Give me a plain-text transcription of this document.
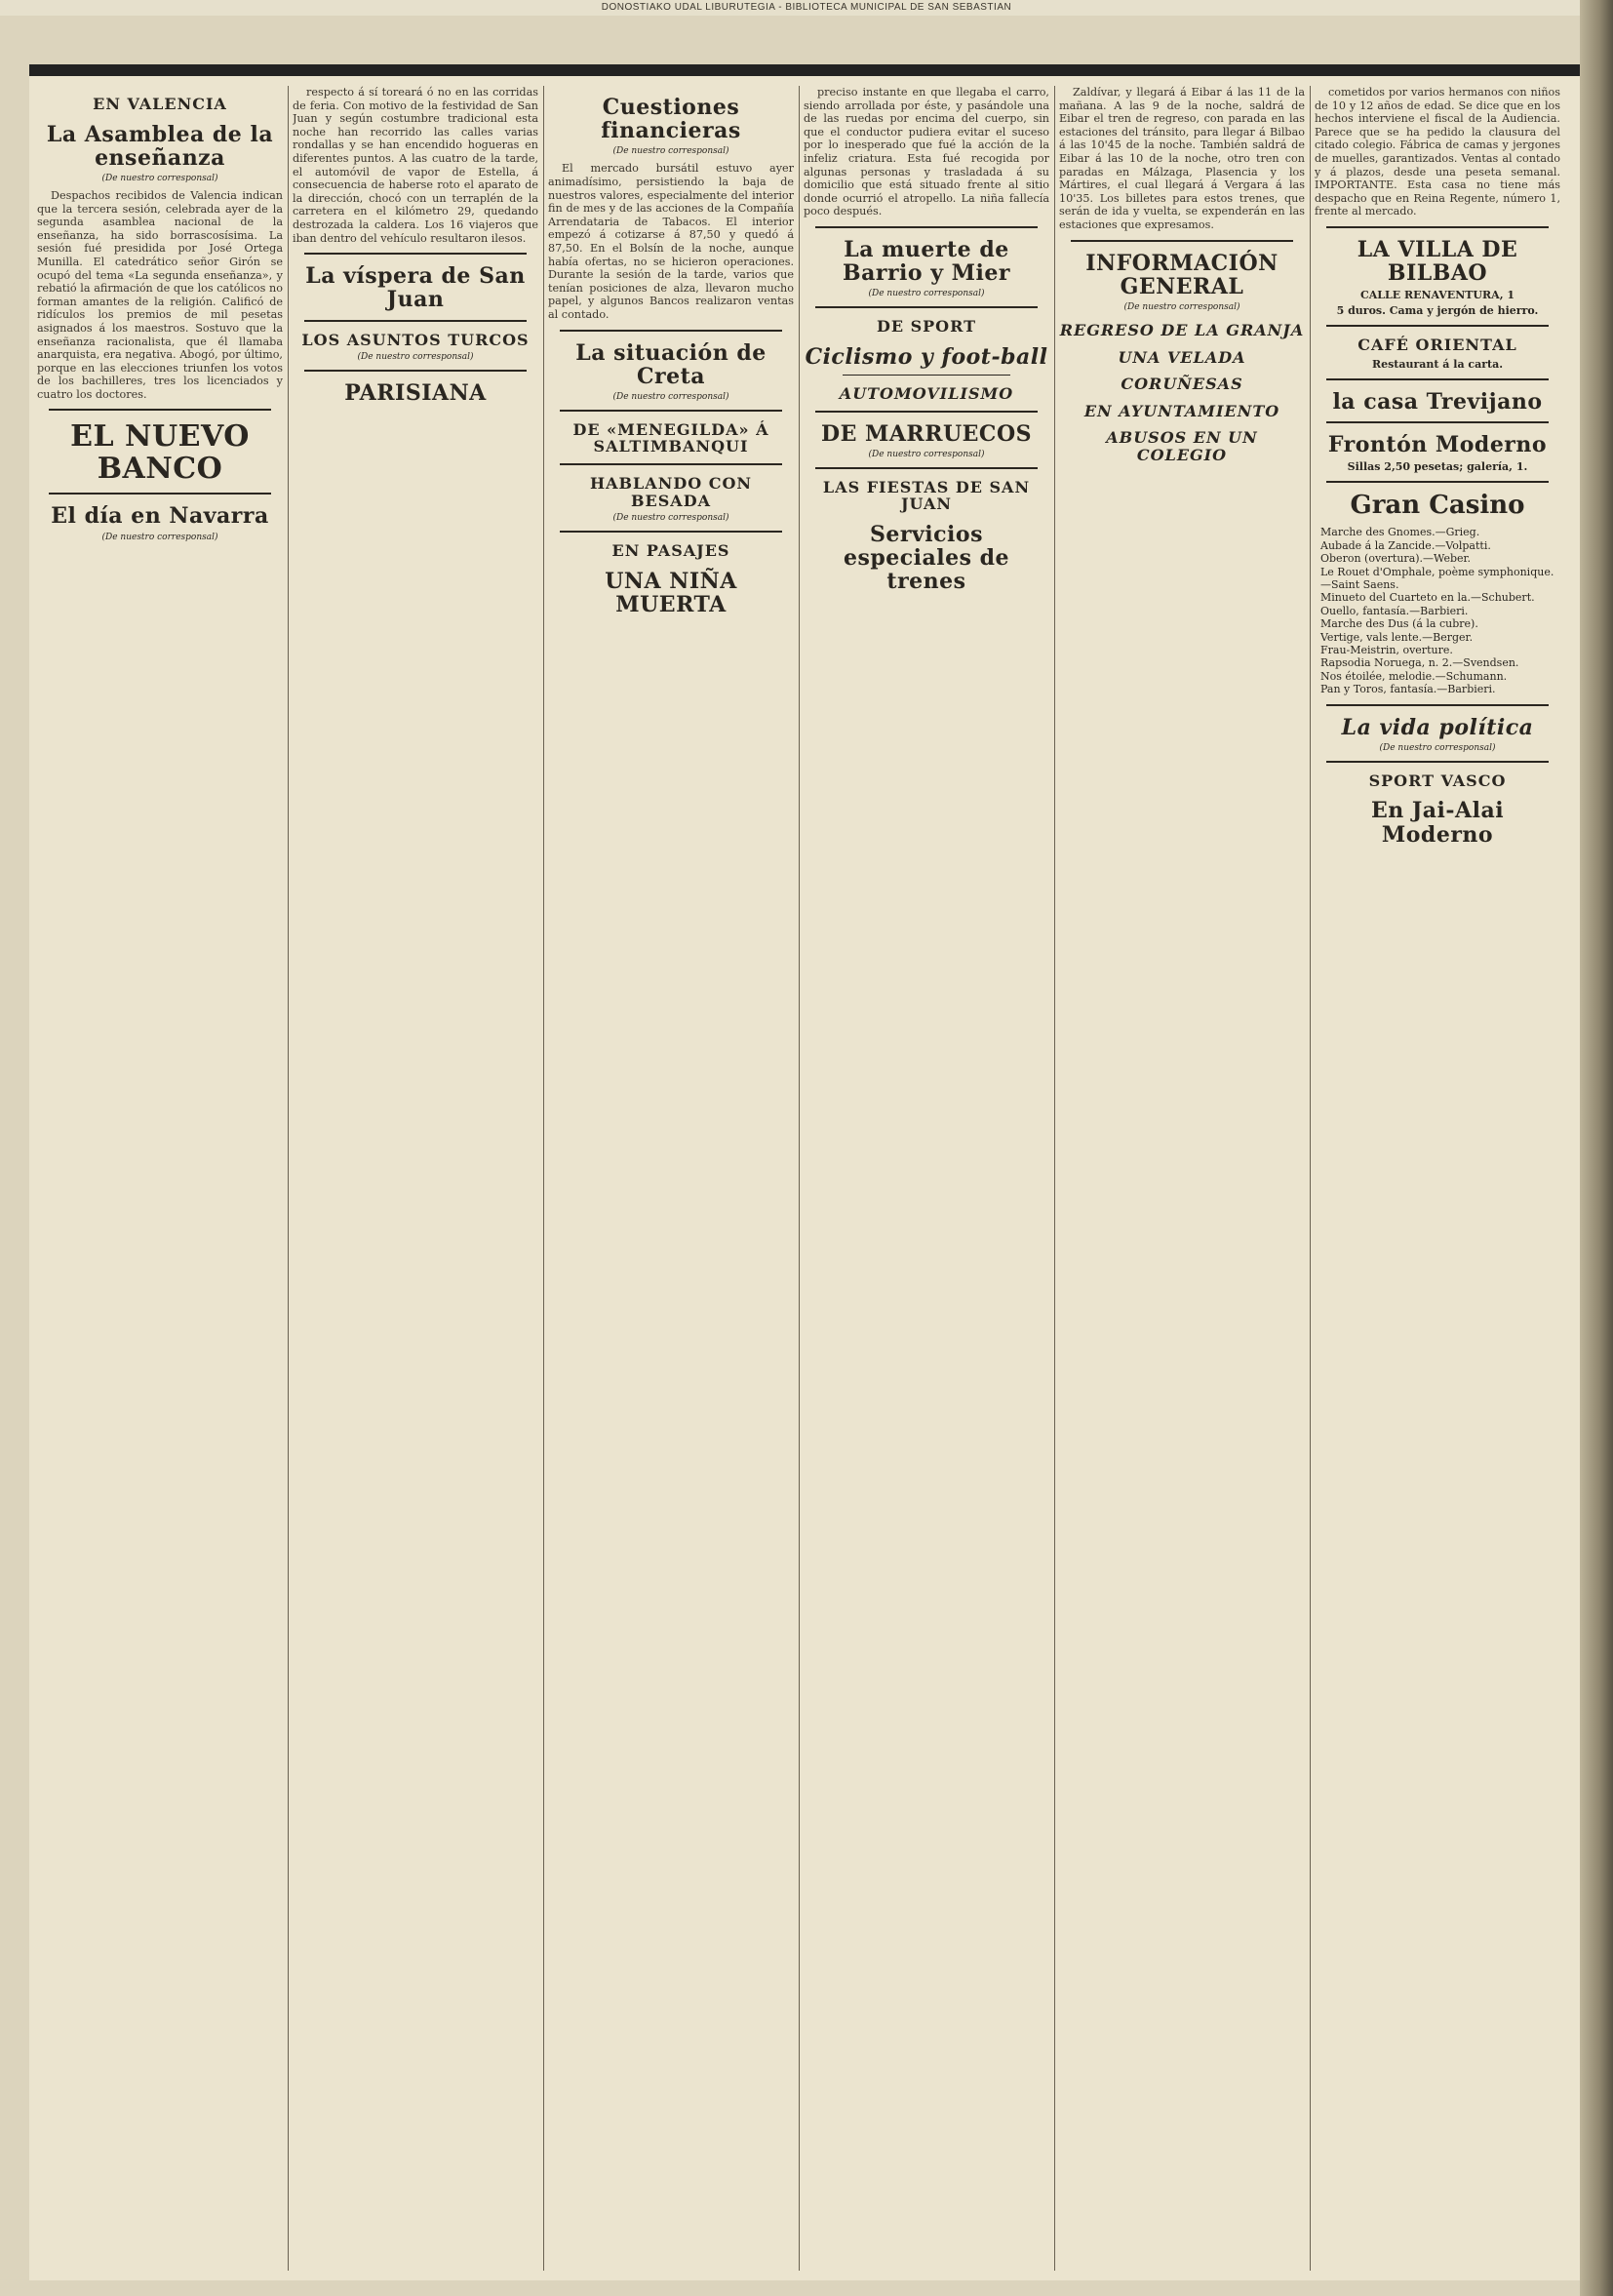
DONOSTIAKO UDAL LIBURUTEGIA - BIBLIOTECA MUNICIPAL DE SAN SEBASTIAN
EN VALENCIA
La Asamblea de la enseñanza
(De nuestro corresponsal)

Despachos recibidos de Valencia indican que la tercera sesión, celebrada ayer de la segunda asamblea nacional de la enseñanza, ha sido borrascosísima. La sesión fué presidida por José Ortega Munilla. El catedrático señor Girón se ocupó del tema «La segunda enseñanza», y rebatió la afirmación de que los católicos no forman amantes de la religión. Calificó de ridículos los premios de mil pesetas asignados á los maestros. Sostuvo que la enseñanza racionalista, que él llamaba anarquista, era negativa. Abogó, por último, porque en las elecciones triunfen los votos de los bachilleres, tres los licenciados y cuatro los doctores.

EL NUEVO BANCO
El día en Navarra
(De nuestro corresponsal)

respecto á sí toreará ó no en las corridas de feria. Con motivo de la festividad de San Juan y según costumbre tradicional esta noche han recorrido las calles varias rondallas y se han encendido hogueras en diferentes puntos. A las cuatro de la tarde, el automóvil de vapor de Estella, á consecuencia de haberse roto el aparato de la dirección, chocó con un terraplén de la carretera en el kilómetro 29, quedando destrozada la caldera. Los 16 viajeros que iban dentro del vehículo resultaron ilesos.

La víspera de San Juan
LOS ASUNTOS TURCOS
(De nuestro corresponsal)
PARISIANA
Cuestiones financieras
(De nuestro corresponsal)

El mercado bursátil estuvo ayer animadísimo, persistiendo la baja de nuestros valores, especialmente del interior fin de mes y de las acciones de la Compañía Arrendataria de Tabacos. El interior empezó á cotizarse á 87,50 y quedó á 87,50. En el Bolsín de la noche, aunque había ofertas, no se hicieron operaciones. Durante la sesión de la tarde, varios que tenían posiciones de alza, llevaron mucho papel, y algunos Bancos realizaron ventas al contado.

La situación de Creta
(De nuestro corresponsal)
DE «MENEGILDA» Á SALTIMBANQUI
HABLANDO CON BESADA
(De nuestro corresponsal)
EN PASAJES
UNA NIÑA MUERTA

preciso instante en que llegaba el carro, siendo arrollada por éste, y pasándole una de las ruedas por encima del cuerpo, sin que el conductor pudiera evitar el suceso por lo inesperado que fué la acción de la infeliz criatura. Esta fué recogida por algunas personas y trasladada á su domicilio que está situado frente al sitio donde ocurrió el atropello. La niña fallecía poco después.

La muerte de Barrio y Mier
(De nuestro corresponsal)
DE SPORT
Ciclismo y foot-ball
AUTOMOVILISMO
DE MARRUECOS
(De nuestro corresponsal)
LAS FIESTAS DE SAN JUAN
Servicios especiales de trenes

Zaldívar, y llegará á Eibar á las 11 de la mañana. A las 9 de la noche, saldrá de Eibar el tren de regreso, con parada en las estaciones del tránsito, para llegar á Bilbao á las 10'45 de la noche. También saldrá de Eibar á las 10 de la noche, otro tren con paradas en Málzaga, Plasencia y los Mártires, el cual llegará á Vergara á las 10'35. Los billetes para estos trenes, que serán de ida y vuelta, se expenderán en las estaciones que expresamos.

INFORMACIÓN GENERAL
(De nuestro corresponsal)
REGRESO DE LA GRANJA
UNA VELADA
CORUÑESAS
EN AYUNTAMIENTO
ABUSOS EN UN COLEGIO

cometidos por varios hermanos con niños de 10 y 12 años de edad. Se dice que en los hechos interviene el fiscal de la Audiencia. Parece que se ha pedido la clausura del citado colegio. Fábrica de camas y jergones de muelles, garantizados. Ventas al contado y á plazos, desde una peseta semanal. IMPORTANTE. Esta casa no tiene más despacho que en Reina Regente, número 1, frente al mercado.

LA VILLA DE BILBAO
CALLE RENAVENTURA, 1
5 duros. Cama y jergón de hierro.
CAFÉ ORIENTAL
Restaurant á la carta.
la casa Trevijano
Frontón Moderno
Sillas 2,50 pesetas; galería, 1.
Gran Casino
Marche des Gnomes.—Grieg.
Aubade á la Zancide.—Volpatti.
Oberon (overtura).—Weber.
Le Rouet d'Omphale, poème symphonique.—Saint Saens.
Minueto del Cuarteto en la.—Schubert.
Ouello, fantasía.—Barbieri.
Marche des Dus (á la cubre).
Vertige, vals lente.—Berger.
Frau-Meistrin, overture.
Rapsodia Noruega, n. 2.—Svendsen.
Nos étoilée, melodie.—Schumann.
Pan y Toros, fantasía.—Barbieri.
La vida política
(De nuestro corresponsal)
SPORT VASCO
En Jai-Alai Moderno
